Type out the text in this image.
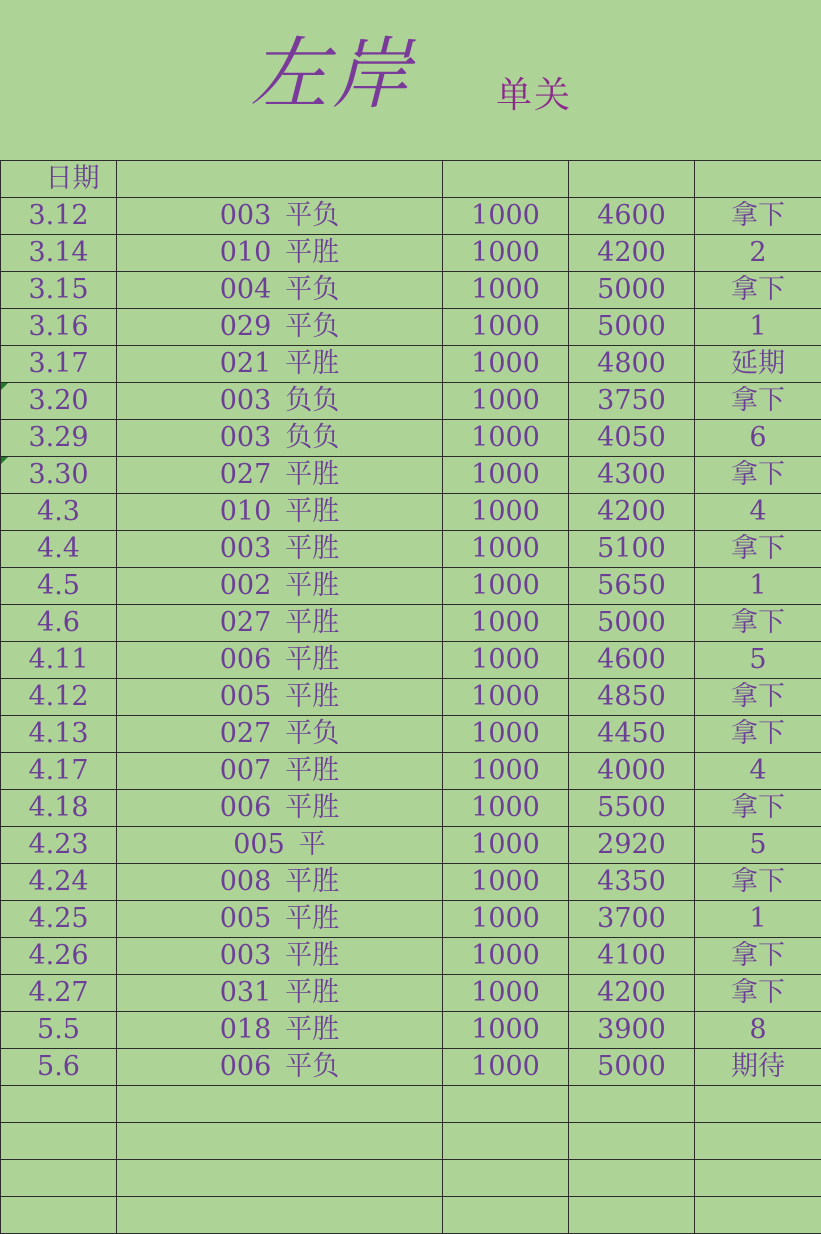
左岸 单关
日期				
3.12	003 平负	1000	4600	拿下
3.14	010 平胜	1000	4200	2
3.15	004 平负	1000	5000	拿下
3.16	029 平负	1000	5000	1
3.17	021 平胜	1000	4800	延期
3.20	003 负负	1000	3750	拿下
3.29	003 负负	1000	4050	6
3.30	027 平胜	1000	4300	拿下
4.3	010 平胜	1000	4200	4
4.4	003 平胜	1000	5100	拿下
4.5	002 平胜	1000	5650	1
4.6	027 平胜	1000	5000	拿下
4.11	006 平胜	1000	4600	5
4.12	005 平胜	1000	4850	拿下
4.13	027 平负	1000	4450	拿下
4.17	007 平胜	1000	4000	4
4.18	006 平胜	1000	5500	拿下
4.23	005 平	1000	2920	5
4.24	008 平胜	1000	4350	拿下
4.25	005 平胜	1000	3700	1
4.26	003 平胜	1000	4100	拿下
4.27	031 平胜	1000	4200	拿下
5.5	018 平胜	1000	3900	8
5.6	006 平负	1000	5000	期待
